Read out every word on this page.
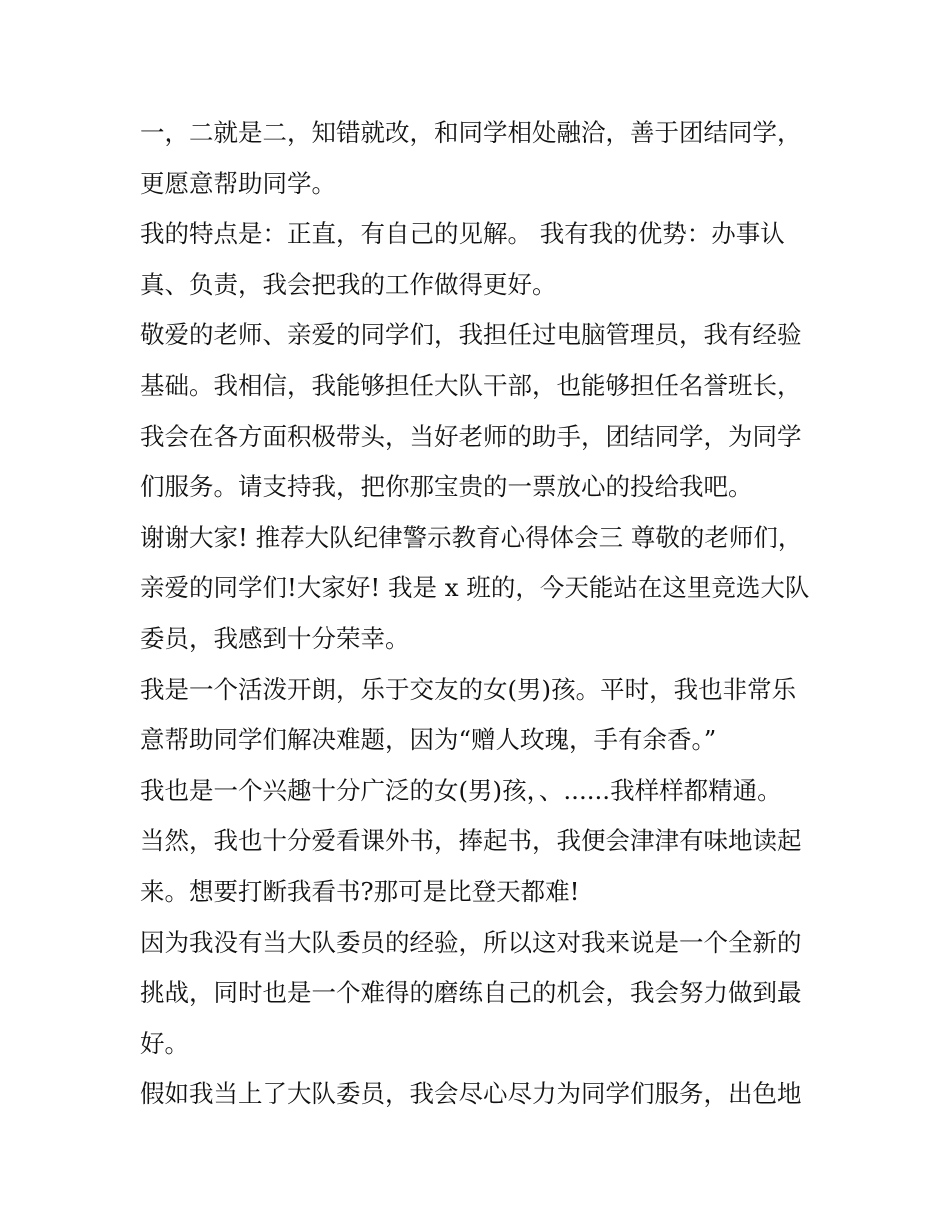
一，二就是二，知错就改，和同学相处融洽，善于团结同学，
更愿意帮助同学。
我的特点是：正直，有自己的见解。 我有我的优势：办事认
真、负责，我会把我的工作做得更好。
敬爱的老师、亲爱的同学们，我担任过电脑管理员，我有经验
基础。我相信，我能够担任大队干部，也能够担任名誉班长，
我会在各方面积极带头，当好老师的助手，团结同学，为同学
们服务。请支持我，把你那宝贵的一票放心的投给我吧。
谢谢大家! 推荐大队纪律警示教育心得体会三 尊敬的老师们，
亲爱的同学们!大家好! 我是 x 班的，今天能站在这里竞选大队
委员，我感到十分荣幸。
我是一个活泼开朗，乐于交友的女(男)孩。平时，我也非常乐
意帮助同学们解决难题，因为“赠人玫瑰，手有余香。”
我也是一个兴趣十分广泛的女(男)孩，、......我样样都精通。
当然，我也十分爱看课外书，捧起书，我便会津津有味地读起
来。想要打断我看书?那可是比登天都难!
因为我没有当大队委员的经验，所以这对我来说是一个全新的
挑战，同时也是一个难得的磨练自己的机会，我会努力做到最
好。
假如我当上了大队委员，我会尽心尽力为同学们服务，出色地
